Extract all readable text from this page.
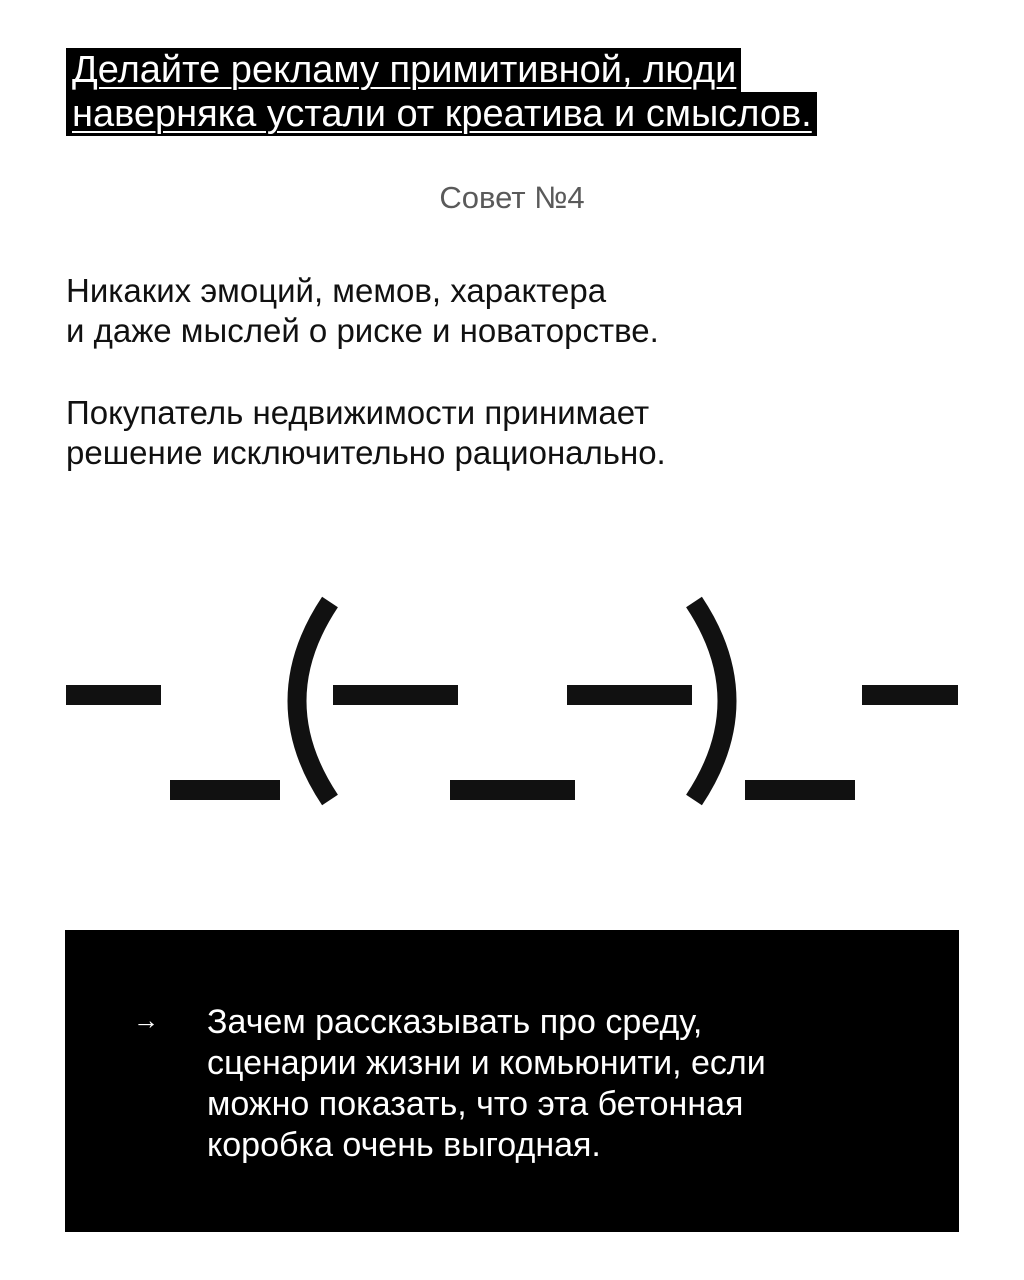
Делайте рекламу примитивной, люди
наверняка устали от креатива и смыслов.

Совет №4

Никаких эмоций, мемов, характера
и даже мыслей о риске и новаторстве.

Покупатель недвижимости принимает
решение исключительно рационально.

→ Зачем рассказывать про среду,
сценарии жизни и комьюнити, если
можно показать, что эта бетонная
коробка очень выгодная.
